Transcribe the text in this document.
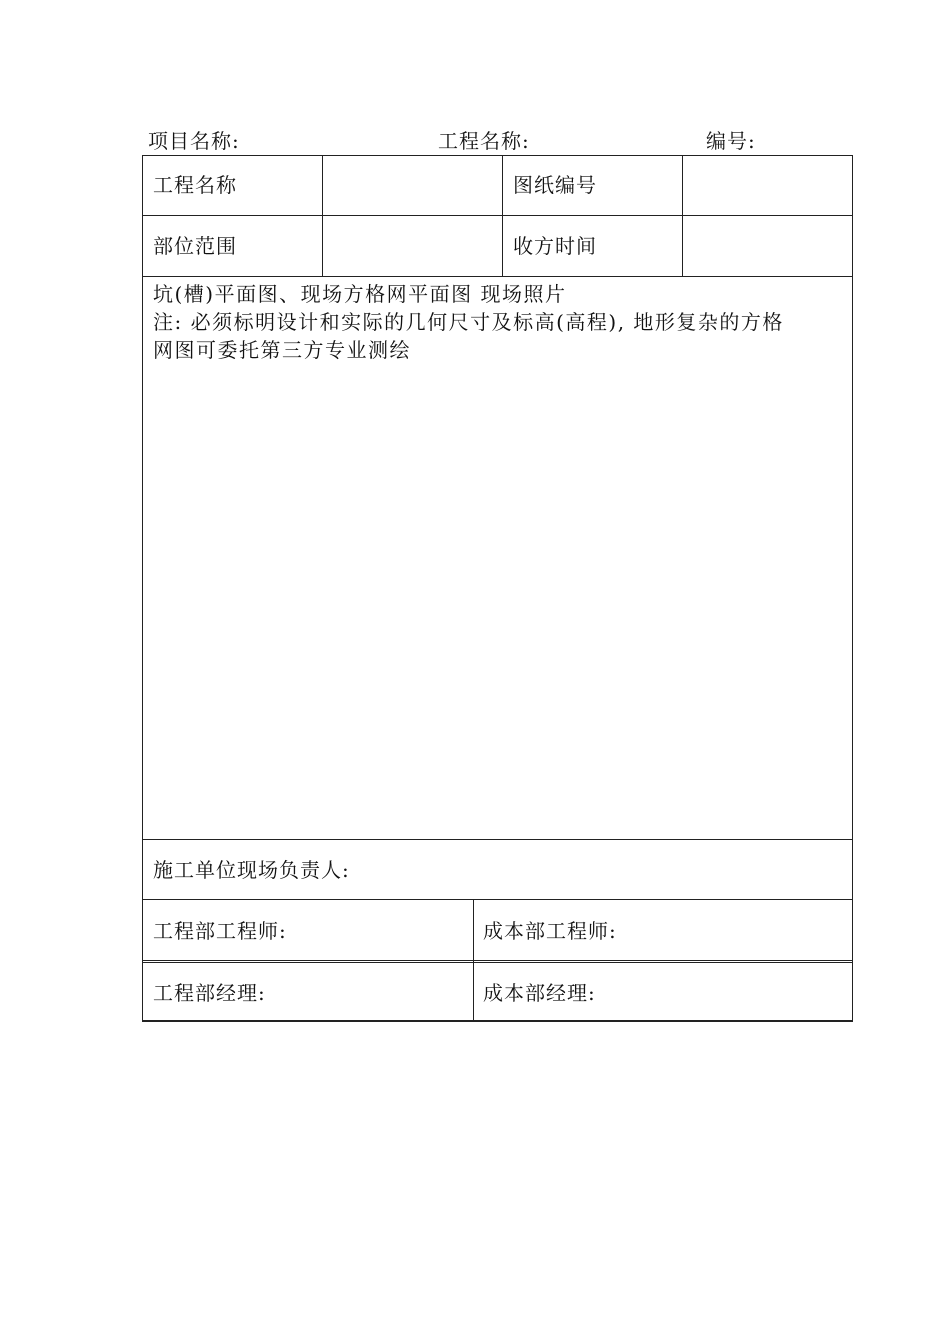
项目名称:	工程名称:	编号:
工程名称	图纸编号
部位范围	收方时间
坑(槽)平面图、现场方格网平面图 现场照片
注: 必须标明设计和实际的几何尺寸及标高(高程), 地形复杂的方格
网图可委托第三方专业测绘
施工单位现场负责人:
工程部工程师:	成本部工程师:
工程部经理:	成本部经理:
